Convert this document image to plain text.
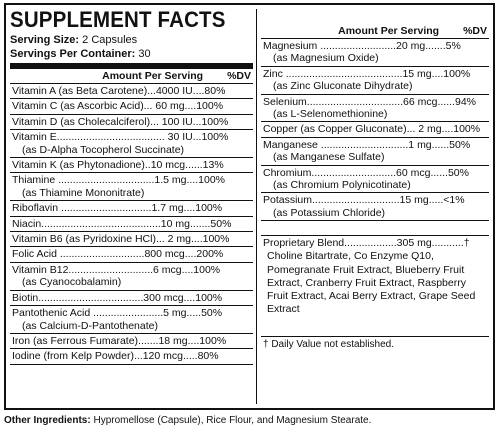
SUPPLEMENT FACTS
Serving Size: 2 Capsules
Servings Per Container: 30
Amount Per Serving %DV
Vitamin A (as Beta Carotene)...4000 IU....80%
Vitamin C (as Ascorbic Acid)... 60 mg....100%
Vitamin D (as Cholecalciferol)... 100 IU...100%
Vitamin E..................................... 30 IU...100%
(as D-Alpha Tocopherol Succinate)
Vitamin K (as Phytonadione)..10 mcg......13%
Thiamine .................................1.5 mg....100%
(as Thiamine Mononitrate)
Riboflavin ...............................1.7 mg....100%
Niacin.........................................10 mg.......50%
Vitamin B6 (as Pyridoxine HCl)... 2 mg....100%
Folic Acid .............................800 mcg....200%
Vitamin B12.............................6 mcg....100%
(as Cyanocobalamin)
Biotin....................................300 mcg....100%
Pantothenic Acid ........................5 mg.....50%
(as Calcium-D-Pantothenate)
Iron (as Ferrous Fumarate).......18 mg....100%
Iodine (from Kelp Powder)...120 mcg.....80%
Amount Per Serving %DV
Magnesium ..........................20 mg.......5%
(as Magnesium Oxide)
Zinc ........................................15 mg....100%
(as Zinc Gluconate Dihydrate)
Selenium.................................66 mcg......94%
(as L-Selenomethionine)
Copper (as Copper Gluconate)... 2 mg....100%
Manganese ..............................1 mg......50%
(as Manganese Sulfate)
Chromium.............................60 mcg......50%
(as Chromium Polynicotinate)
Potassium..............................15 mg.....<1%
(as Potassium Chloride)
Proprietary Blend..................305 mg...........†
Choline Bitartrate, Co Enzyme Q10, Pomegranate Fruit Extract, Blueberry Fruit Extract, Cranberry Fruit Extract, Raspberry Fruit Extract, Acai Berry Extract, Grape Seed Extract
† Daily Value not established.
Other Ingredients: Hypromellose (Capsule), Rice Flour, and Magnesium Stearate.
